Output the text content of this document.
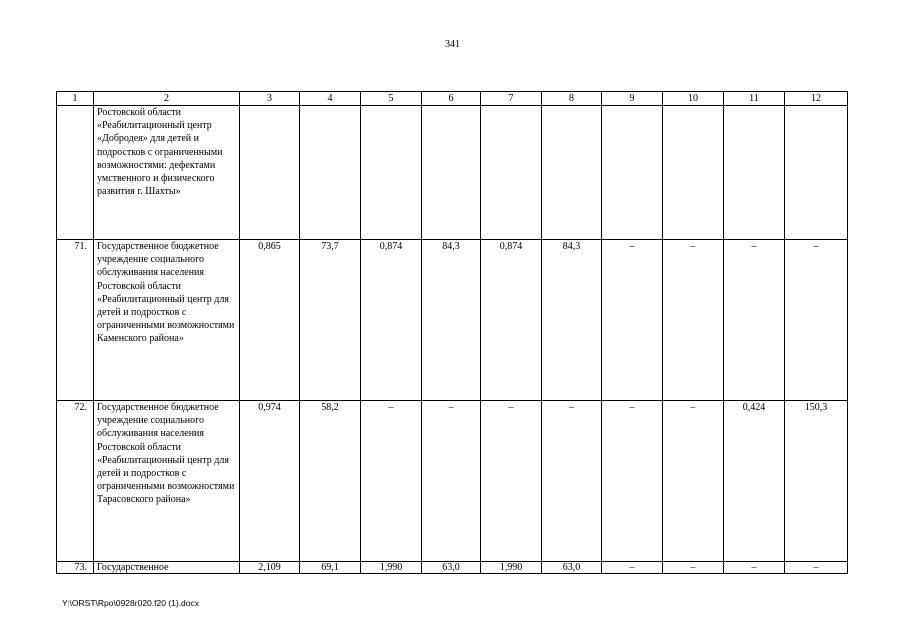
341
1	2	3	4	5	6	7	8	9	10	11	12
	Ростовской области «Реабилитационный центр «Добродея» для детей и подростков с ограниченными возможностями: дефектами умственного и физического развития г. Шахты»										
71.	Государственное бюджетное учреждение социального обслуживания населения Ростовской области «Реабилитационный центр для детей и подростков с ограниченными возможностями Каменского района»	0,865	73,7	0,874	84,3	0,874	84,3	–	–	–	–
72.	Государственное бюджетное учреждение социального обслуживания населения Ростовской области «Реабилитационный центр для детей и подростков с ограниченными возможностями Тарасовского района»	0,974	58,2	–	–	–	–	–	–	0,424	150,3
73.	Государственное	2,109	69,1	1,990	63,0	1,990	63,0	–	–	–	–
Y:\ORST\Rpo\0928r020.f20 (1).docx
